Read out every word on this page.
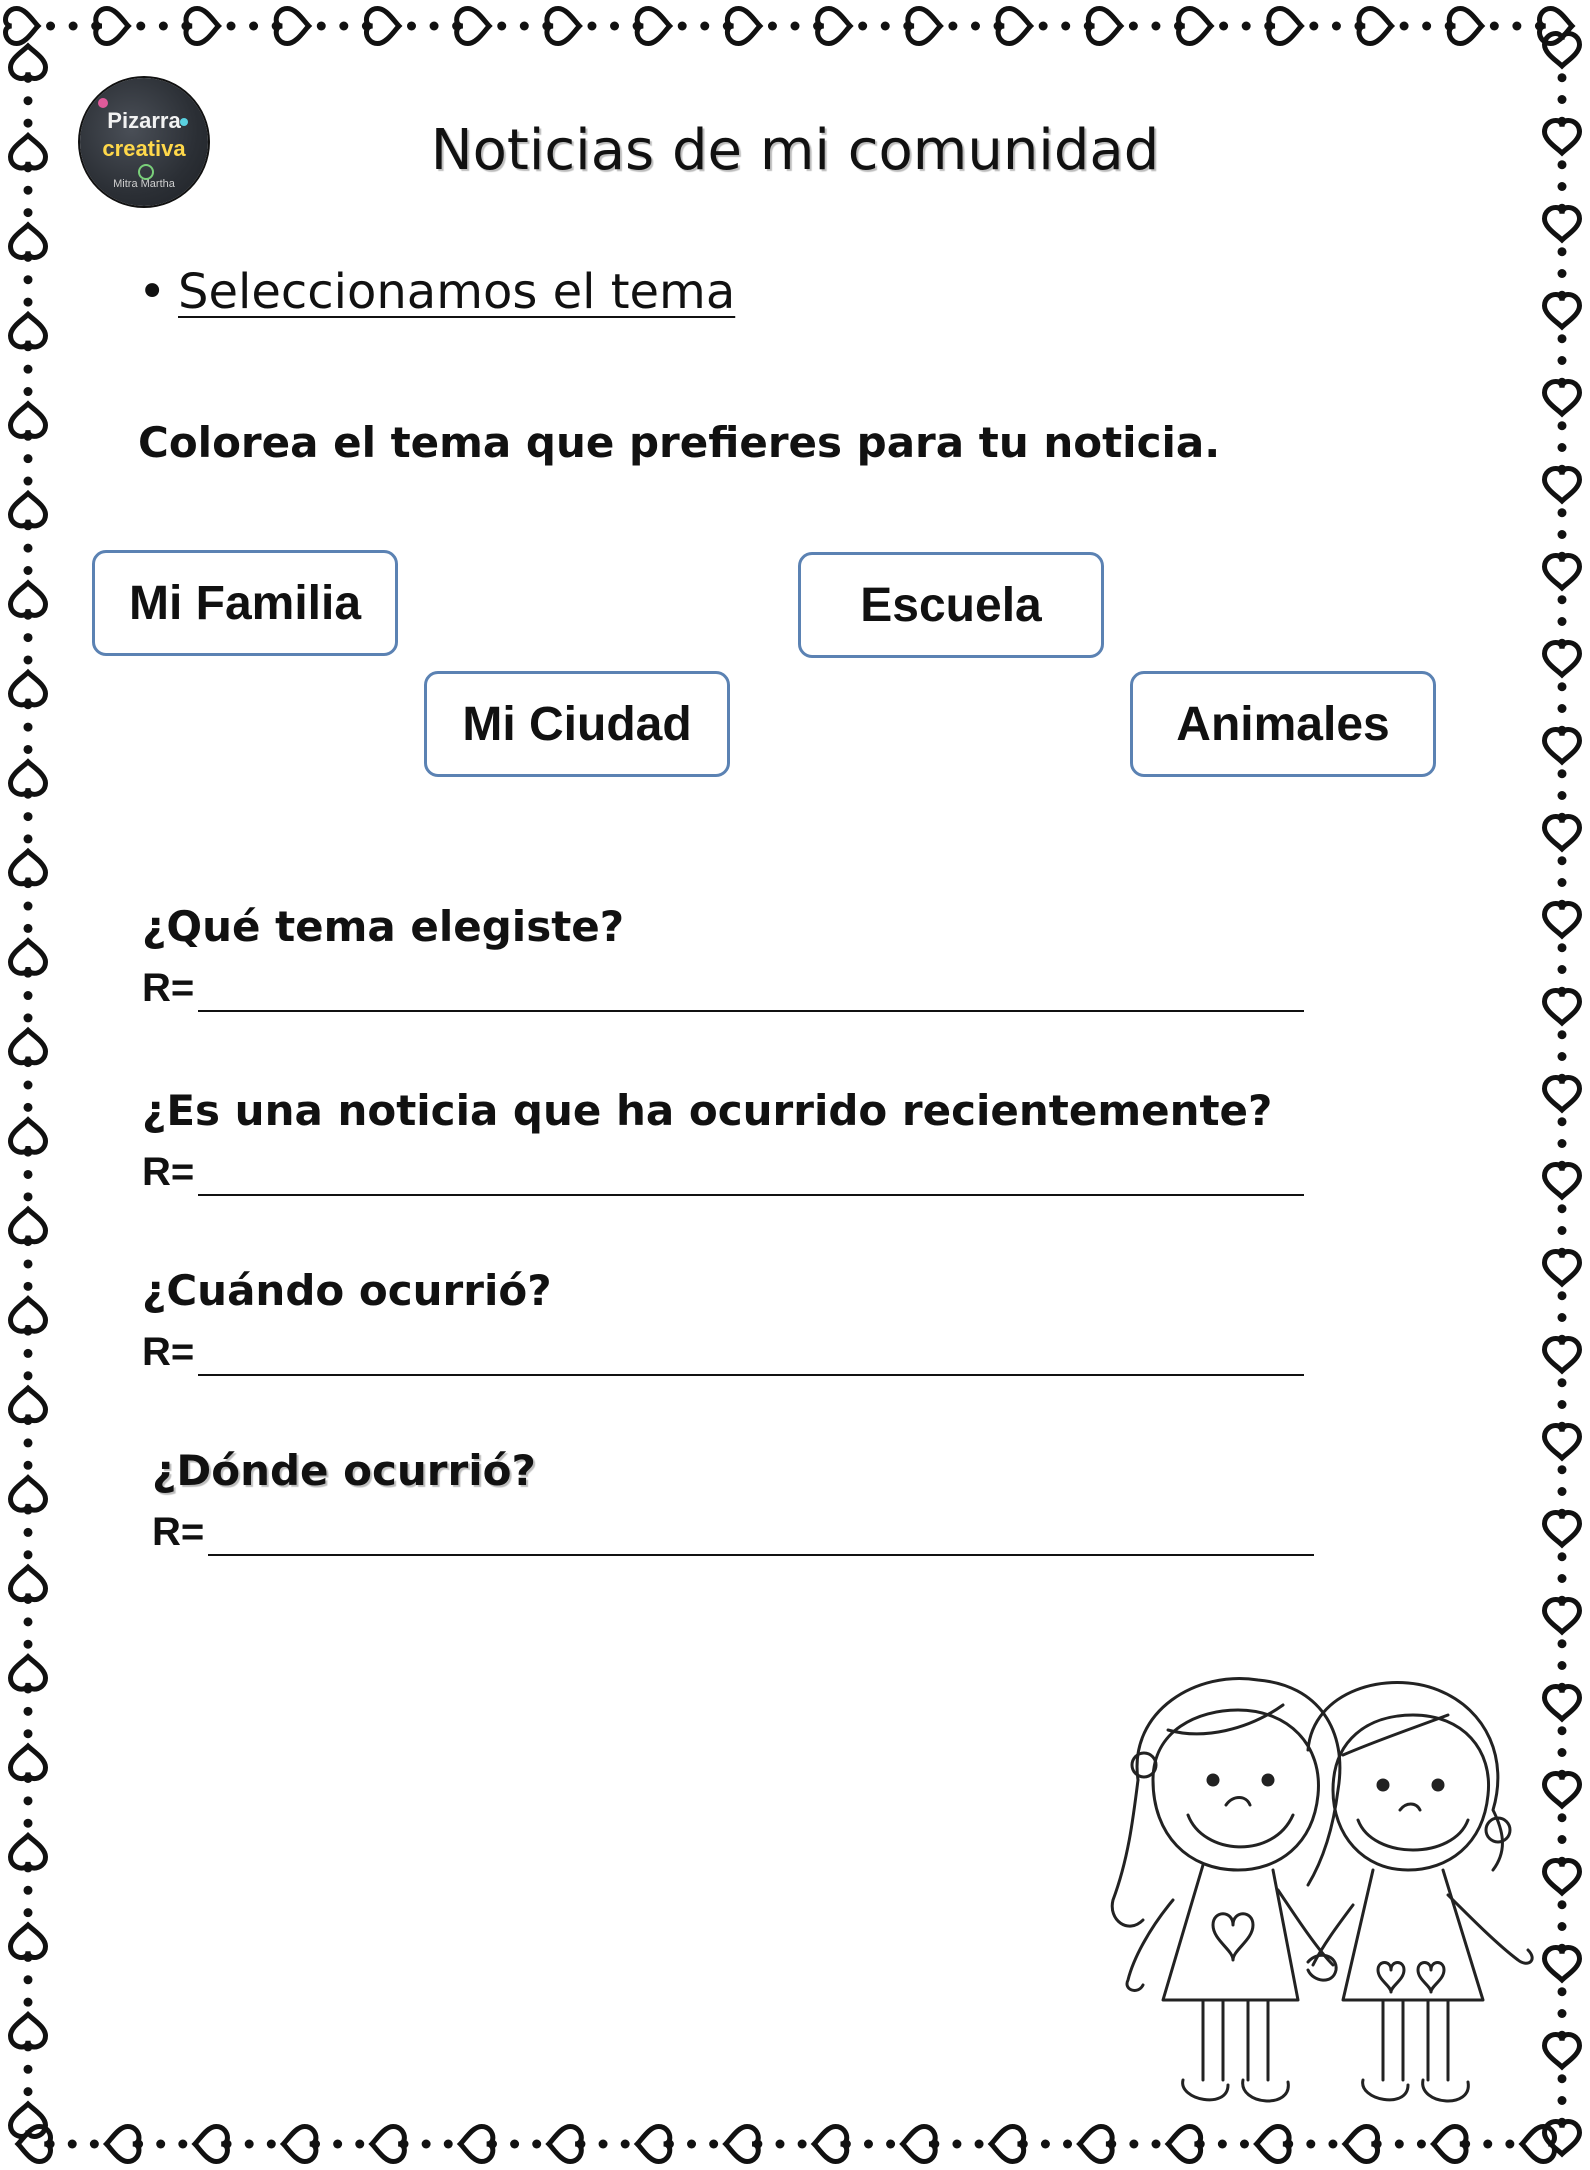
Pizarra
creativa
Mitra Martha
Noticias de mi comunidad
• Seleccionamos el tema
Colorea el tema que prefieres para tu noticia.
Mi Familia
Mi Ciudad
Escuela
Animales
¿Qué tema elegiste?
R=
¿Es una noticia que ha ocurrido recientemente?
R=
¿Cuándo ocurrió?
R=
¿Dónde ocurrió?
R=
